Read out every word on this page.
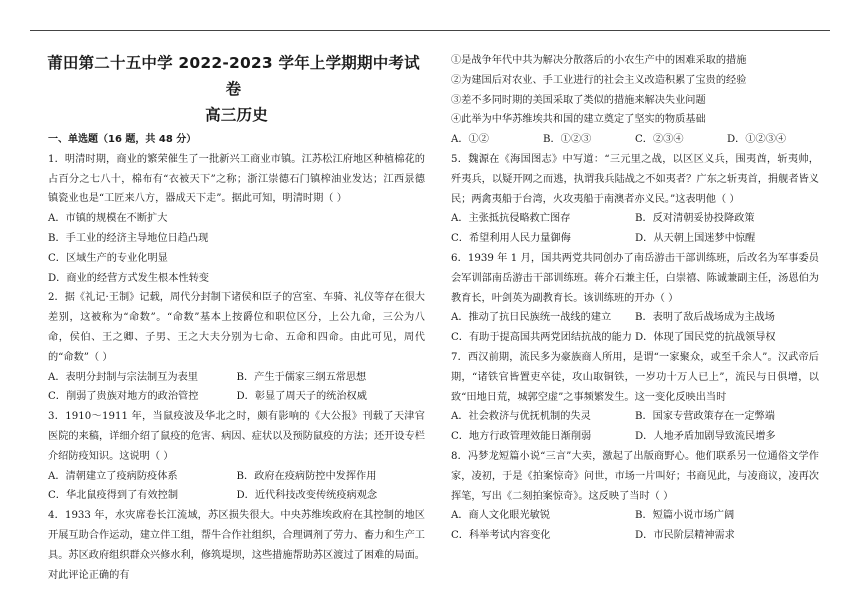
莆田第二十五中学 2022-2023 学年上学期期中考试卷
高三历史
一、单选题（16 题，共 48 分）
1．明清时期，商业的繁荣催生了一批新兴工商业市镇。江苏松江府地区种植棉花的占百分之七八十，棉布有“衣被天下”之称；浙江崇德石门镇榨油业发达；江西景德镇瓷业也是“工匠来八方，器成天下走”。据此可知，明清时期（ ）
A．市镇的规模在不断扩大
B．手工业的经济主导地位日趋凸现
C．区域生产的专业化明显
D．商业的经营方式发生根本性转变
2．据《礼记·王制》记载，周代分封制下诸侯和臣子的宫室、车骑、礼仪等存在很大差别，这被称为“命数”。“命数”基本上按爵位和职位区分，上公九命，三公为八命，侯伯、王之卿、子男、王之大夫分别为七命、五命和四命。由此可见，周代的“命数”（ ）
A．表明分封制与宗法制互为表里	B．产生于儒家三纲五常思想
C．削弱了贵族对地方的政治管控	D．彰显了周天子的统治权威
3．1910～1911 年，当鼠疫波及华北之时，颇有影响的《大公报》刊载了天津官医院的来稿，详细介绍了鼠疫的危害、病因、症状以及预防鼠疫的方法；还开设专栏介绍防疫知识。这说明（ ）
A．清朝建立了疫病防疫体系	B．政府在疫病防控中发挥作用
C．华北鼠疫得到了有效控制	D．近代科技改变传统疫病观念
4．1933 年，水灾席卷长江流域，苏区损失很大。中央苏维埃政府在其控制的地区开展互助合作运动，建立伴工组，帮牛合作社组织，合理调剂了劳力、畜力和生产工具。苏区政府组织群众兴修水利，修筑堤坝，这些措施帮助苏区渡过了困难的局面。对此评论正确的有
①是战争年代中共为解决分散落后的小农生产中的困难采取的措施
②为建国后对农业、手工业进行的社会主义改造积累了宝贵的经验
③差不多同时期的美国采取了类似的措施来解决失业问题
④此举为中华苏维埃共和国的建立奠定了坚实的物质基础
A．①②	B．①②③	C．②③④	D．①②③④
5．魏源在《海国图志》中写道：“三元里之战，以区区义兵，围夷酋，斩夷帅，歼夷兵，以疑开网之而逃，执谓我兵陆战之不如夷者？广东之斩夷首，捐舰者皆义民；两禽夷船于台湾，火攻夷船于南澳者亦义民。”这表明他（ ）
A．主张抵抗侵略救亡图存	B．反对清朝妥协投降政策
C．希望利用人民力量御侮	D．从天朝上国迷梦中惊醒
6．1939 年 1 月，国共两党共同创办了南岳游击干部训练班，后改名为军事委员会军训部南岳游击干部训练班。蒋介石兼主任，白崇禧、陈诚兼副主任，汤恩伯为教育长，叶剑英为副教育长。该训练班的开办（ ）
A．推动了抗日民族统一战线的建立	B．表明了敌后战场成为主战场
C．有助于提高国共两党团结抗战的能力 D．体现了国民党的抗战领导权
7．西汉前期，流民多为豪族商人所用，是谓“一家聚众，或至千余人”。汉武帝后期，“诸铁官皆置吏卒徒，攻山取铜铁，一岁功十万人已上”，流民与日俱增，以致“田地日荒，城郭空虚”之事频繁发生。这一变化反映出当时
A．社会救济与优抚机制的失灵	B．国家专营政策存在一定弊端
C．地方行政管理效能日渐削弱	D．人地矛盾加剧导致流民增多
8．冯梦龙短篇小说“三言”大卖，激起了出版商野心。他们联系另一位通俗文学作家，凌初，于是《拍案惊奇》问世，市场一片叫好；书商见此，与凌商议，凌再次挥笔，写出《二刻拍案惊奇》。这反映了当时（ ）
A．商人文化眼光敏锐	B．短篇小说市场广阔
C．科举考试内容变化	D．市民阶层精神需求
